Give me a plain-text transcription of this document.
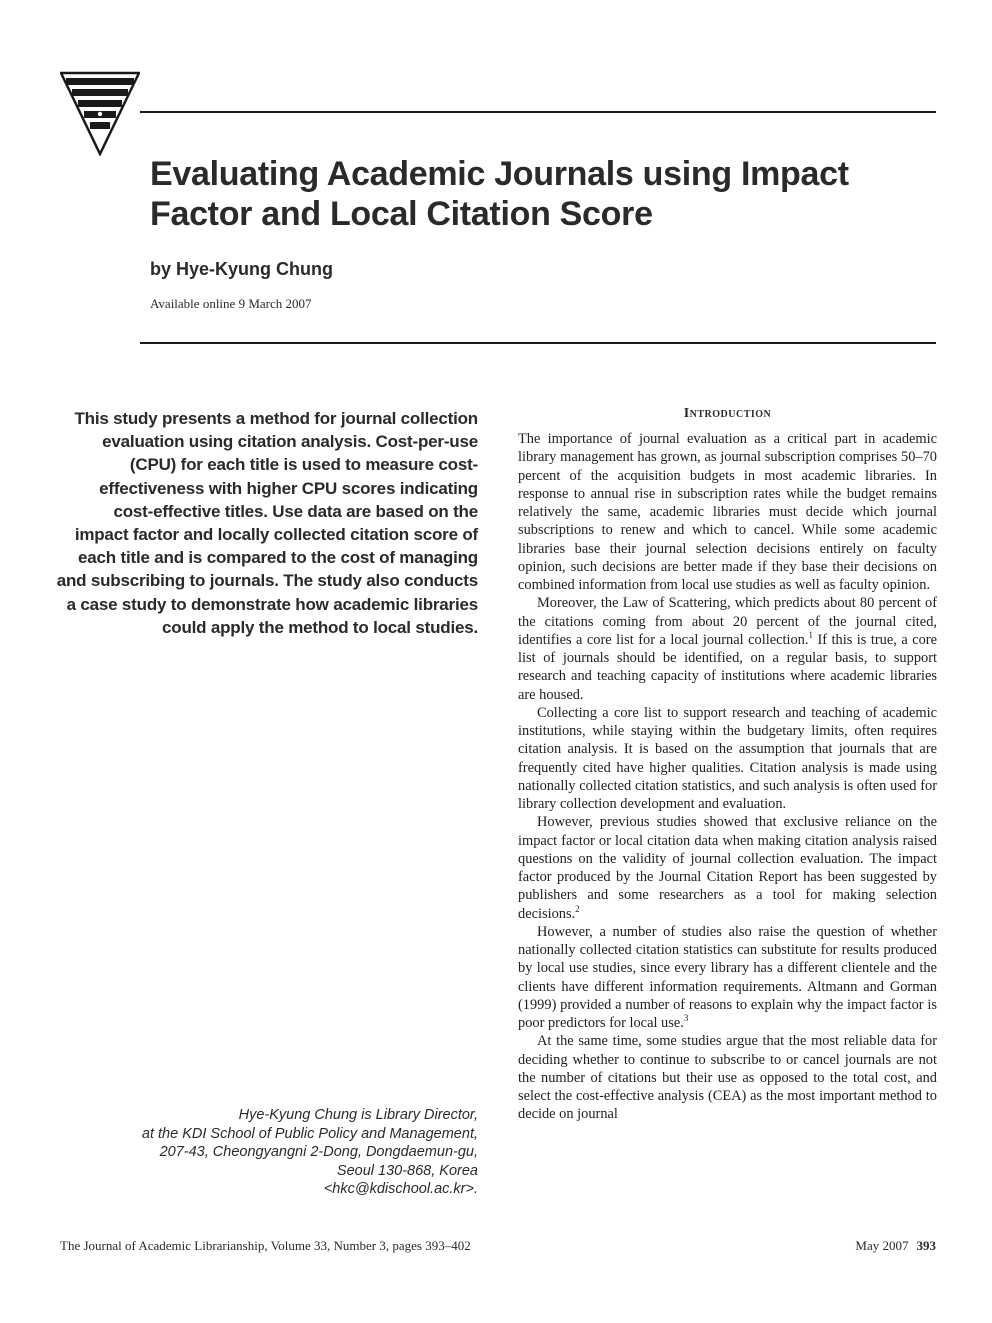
Evaluating Academic Journals using Impact Factor and Local Citation Score

by Hye-Kyung Chung

Available online 9 March 2007

This study presents a method for journal collection evaluation using citation analysis. Cost-per-use (CPU) for each title is used to measure cost-effectiveness with higher CPU scores indicating cost-effective titles. Use data are based on the impact factor and locally collected citation score of each title and is compared to the cost of managing and subscribing to journals. The study also conducts a case study to demonstrate how academic libraries could apply the method to local studies.

Hye-Kyung Chung is Library Director,
at the KDI School of Public Policy and Management,
207-43, Cheongyangni 2-Dong, Dongdaemun-gu,
Seoul 130-868, Korea
<hkc@kdischool.ac.kr>.
Introduction

The importance of journal evaluation as a critical part in academic library management has grown, as journal subscription comprises 50–70 percent of the acquisition budgets in most academic libraries. In response to annual rise in subscription rates while the budget remains relatively the same, academic libraries must decide which journal subscriptions to renew and which to cancel. While some academic libraries base their journal selection decisions entirely on faculty opinion, such decisions are better made if they base their decisions on combined information from local use studies as well as faculty opinion.

Moreover, the Law of Scattering, which predicts about 80 percent of the citations coming from about 20 percent of the journal cited, identifies a core list for a local journal collection.$^1$ If this is true, a core list of journals should be identified, on a regular basis, to support research and teaching capacity of institutions where academic libraries are housed.

Collecting a core list to support research and teaching of academic institutions, while staying within the budgetary limits, often requires citation analysis. It is based on the assumption that journals that are frequently cited have higher qualities. Citation analysis is made using nationally collected citation statistics, and such analysis is often used for library collection development and evaluation.

However, previous studies showed that exclusive reliance on the impact factor or local citation data when making citation analysis raised questions on the validity of journal collection evaluation. The impact factor produced by the Journal Citation Report has been suggested by publishers and some researchers as a tool for making selection decisions.$^2$

However, a number of studies also raise the question of whether nationally collected citation statistics can substitute for results produced by local use studies, since every library has a different clientele and the clients have different information requirements. Altmann and Gorman (1999) provided a number of reasons to explain why the impact factor is poor predictors for local use.$^3$

At the same time, some studies argue that the most reliable data for deciding whether to continue to subscribe to or cancel journals are not the number of citations but their use as opposed to the total cost, and select the cost-effective analysis (CEA) as the most important method to decide on journal

The Journal of Academic Librarianship, Volume 33, Number 3, pages 393–402	May 2007 393
